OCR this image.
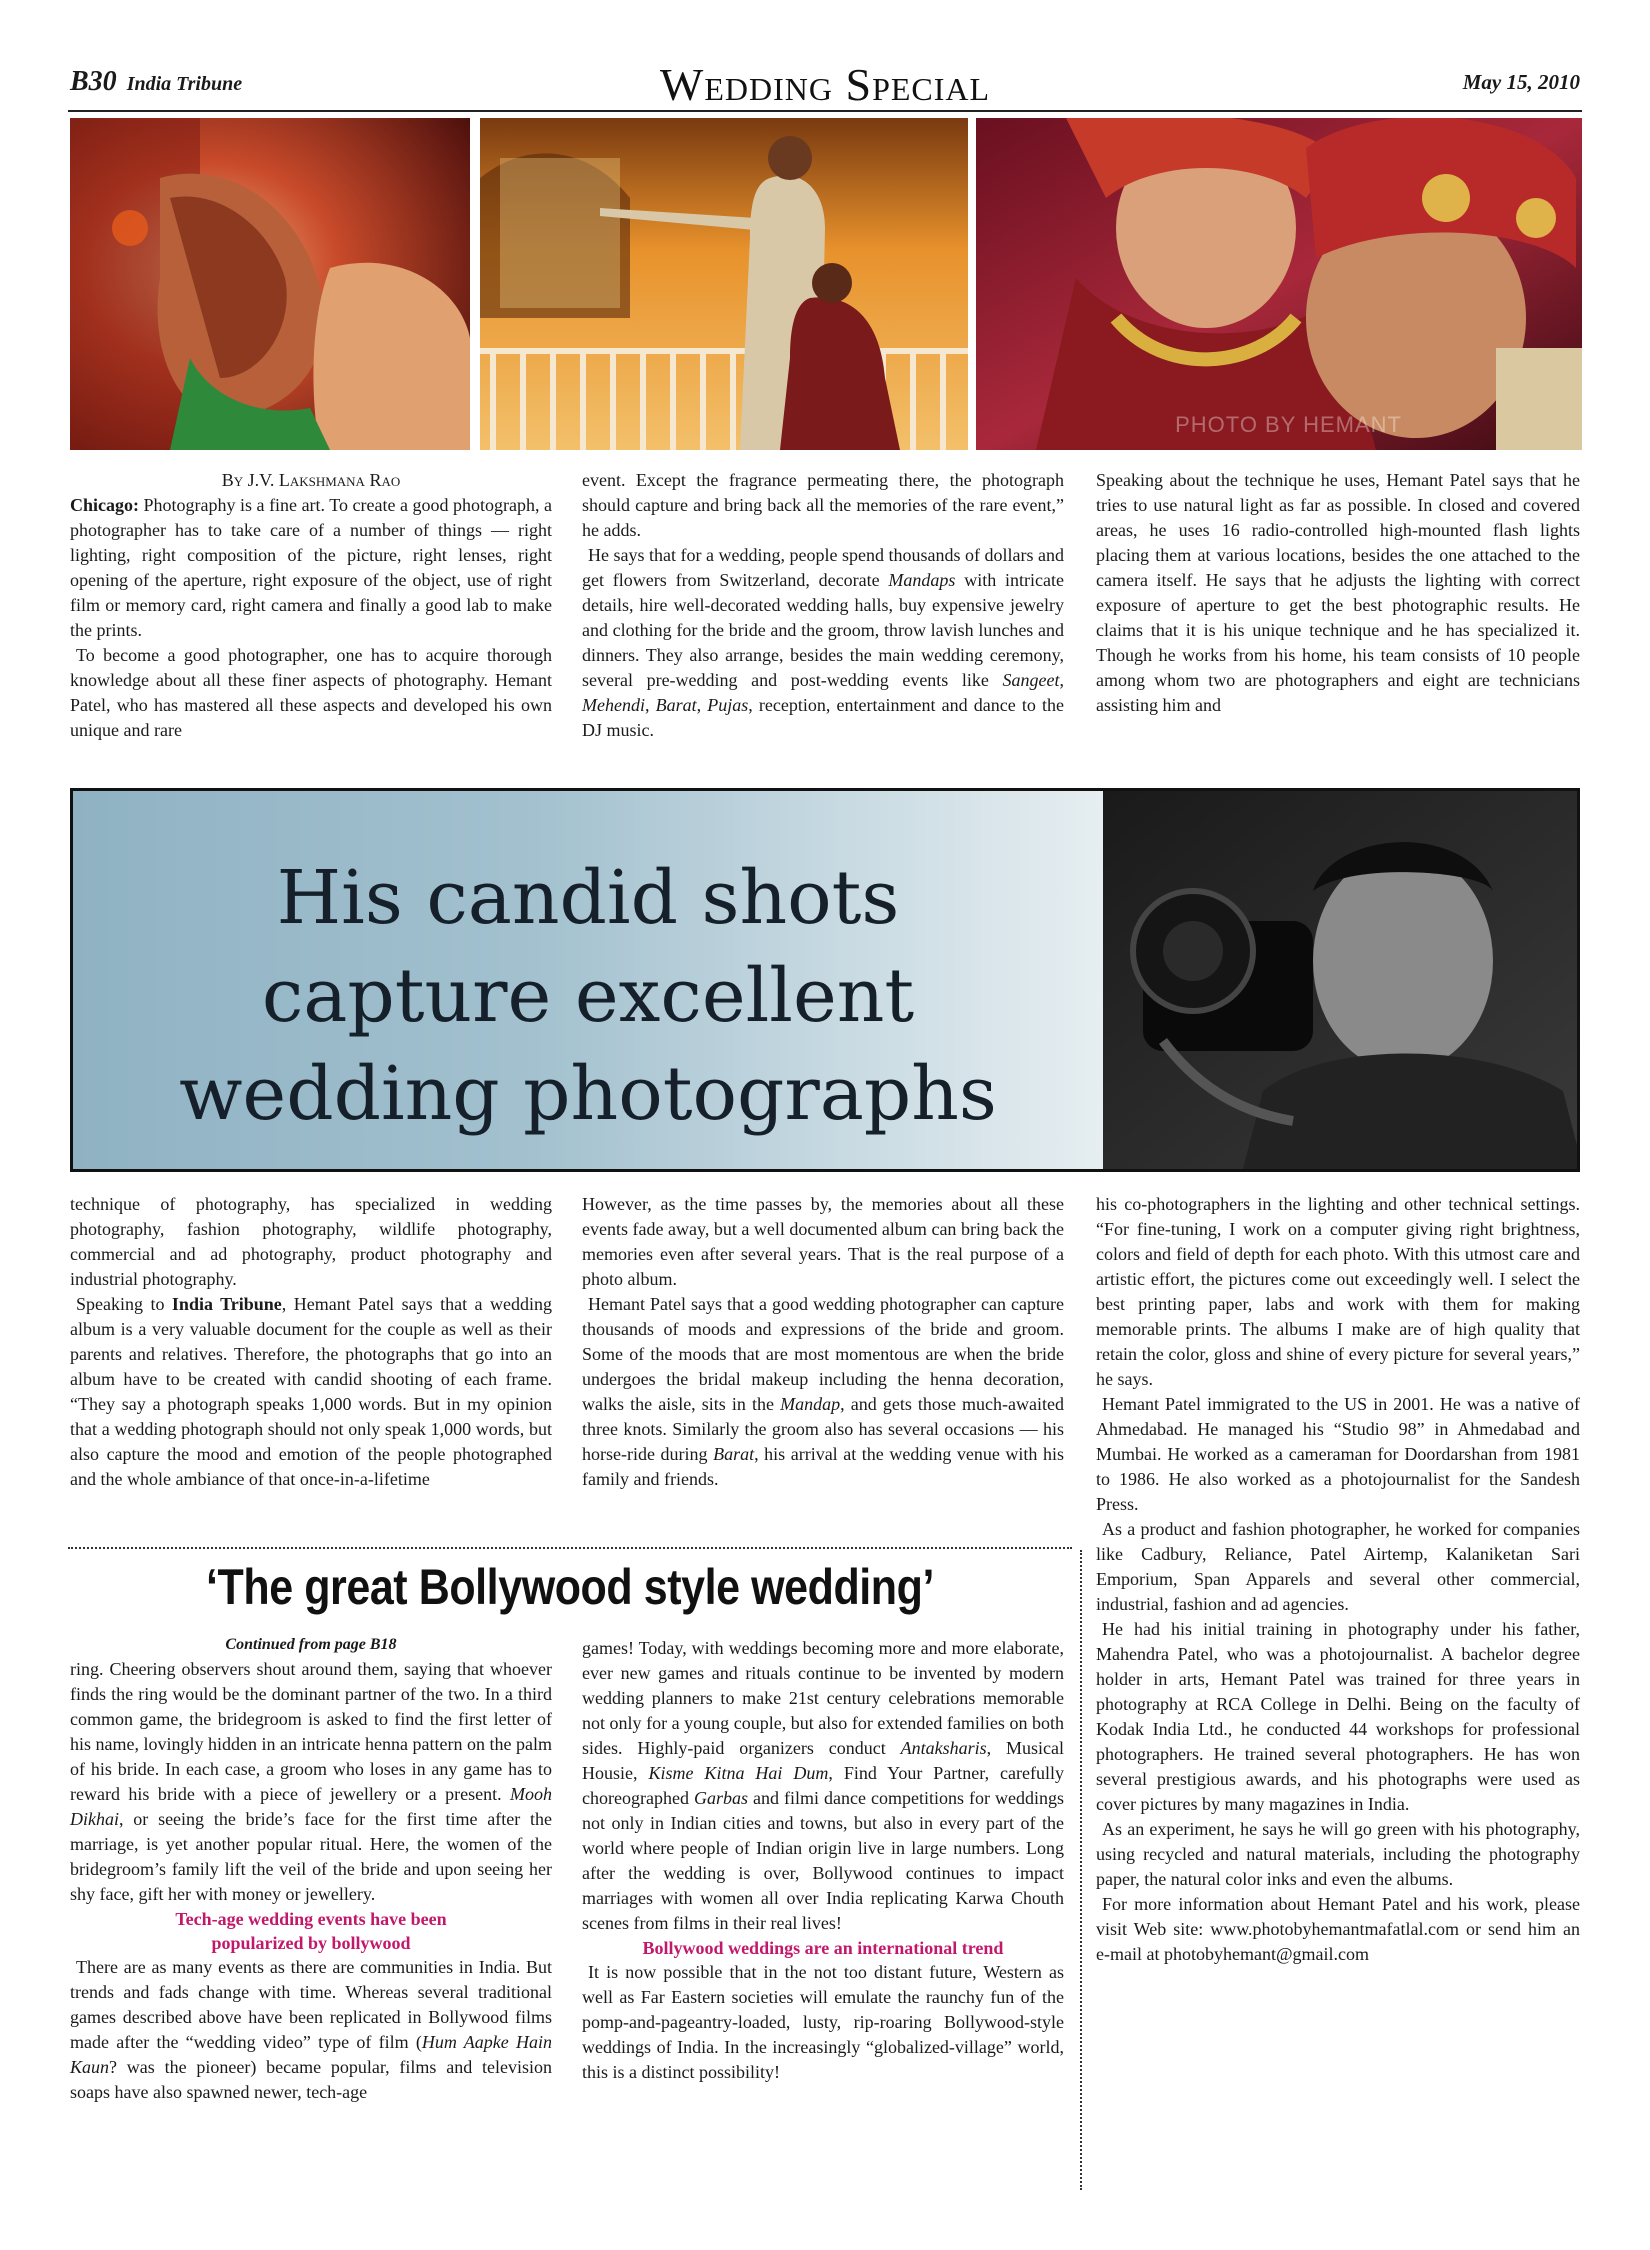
B30 India Tribune	Wedding Special	May 15, 2010
PHOTO BY HEMANT
By J.V. Lakshmana Rao

Chicago: Photography is a fine art. To create a good photograph, a photographer has to take care of a number of things — right lighting, right composition of the picture, right lenses, right opening of the aperture, right exposure of the object, use of right film or memory card, right camera and finally a good lab to make the prints.

To become a good photographer, one has to acquire thorough knowledge about all these finer aspects of photography. Hemant Patel, who has mastered all these aspects and developed his own unique and rare

event. Except the fragrance permeating there, the photograph should capture and bring back all the memories of the rare event,” he adds.

He says that for a wedding, people spend thousands of dollars and get flowers from Switzerland, decorate Mandaps with intricate details, hire well-decorated wedding halls, buy expensive jewelry and clothing for the bride and the groom, throw lavish lunches and dinners. They also arrange, besides the main wedding ceremony, several pre-wedding and post-wedding events like Sangeet, Mehendi, Barat, Pujas, reception, entertainment and dance to the DJ music.

Speaking about the technique he uses, Hemant Patel says that he tries to use natural light as far as possible. In closed and covered areas, he uses 16 radio-controlled high-mounted flash lights placing them at various locations, besides the one attached to the camera itself. He says that he adjusts the lighting with correct exposure of aperture to get the best photographic results. He claims that it is his unique technique and he has specialized it. Though he works from his home, his team consists of 10 people among whom two are photographers and eight are technicians assisting him and

His candid shots
capture excellent
wedding photographs

technique of photography, has specialized in wedding photography, fashion photography, wildlife photography, commercial and ad photography, product photography and industrial photography.

Speaking to India Tribune, Hemant Patel says that a wedding album is a very valuable document for the couple as well as their parents and relatives. Therefore, the photographs that go into an album have to be created with candid shooting of each frame. “They say a photograph speaks 1,000 words. But in my opinion that a wedding photograph should not only speak 1,000 words, but also capture the mood and emotion of the people photographed and the whole ambiance of that once-in-a-lifetime

However, as the time passes by, the memories about all these events fade away, but a well documented album can bring back the memories even after several years. That is the real purpose of a photo album.

Hemant Patel says that a good wedding photographer can capture thousands of moods and expressions of the bride and groom. Some of the moods that are most momentous are when the bride undergoes the bridal makeup including the henna decoration, walks the aisle, sits in the Mandap, and gets those much-awaited three knots. Similarly the groom also has several occasions — his horse-ride during Barat, his arrival at the wedding venue with his family and friends.

his co-photographers in the lighting and other technical settings. “For fine-tuning, I work on a computer giving right brightness, colors and field of depth for each photo. With this utmost care and artistic effort, the pictures come out exceedingly well. I select the best printing paper, labs and work with them for making memorable prints. The albums I make are of high quality that retain the color, gloss and shine of every picture for several years,” he says.

Hemant Patel immigrated to the US in 2001. He was a native of Ahmedabad. He managed his “Studio 98” in Ahmedabad and Mumbai. He worked as a cameraman for Doordarshan from 1981 to 1986. He also worked as a photojournalist for the Sandesh Press.

As a product and fashion photographer, he worked for companies like Cadbury, Reliance, Patel Airtemp, Kalaniketan Sari Emporium, Span Apparels and several other commercial, industrial, fashion and ad agencies.

He had his initial training in photography under his father, Mahendra Patel, who was a photojournalist. A bachelor degree holder in arts, Hemant Patel was trained for three years in photography at RCA College in Delhi. Being on the faculty of Kodak India Ltd., he conducted 44 workshops for professional photographers. He trained several photographers. He has won several prestigious awards, and his photographs were used as cover pictures by many magazines in India.

As an experiment, he says he will go green with his photography, using recycled and natural materials, including the photography paper, the natural color inks and even the albums.

For more information about Hemant Patel and his work, please visit Web site: www.photobyhemantmafatlal.com or send him an e-mail at photobyhemant@gmail.com

‘The great Bollywood style wedding’
Continued from page B18

ring. Cheering observers shout around them, saying that whoever finds the ring would be the dominant partner of the two. In a third common game, the bridegroom is asked to find the first letter of his name, lovingly hidden in an intricate henna pattern on the palm of his bride. In each case, a groom who loses in any game has to reward his bride with a piece of jewellery or a present. Mooh Dikhai, or seeing the bride’s face for the first time after the marriage, is yet another popular ritual. Here, the women of the bridegroom’s family lift the veil of the bride and upon seeing her shy face, gift her with money or jewellery.

Tech-age wedding events have been
popularized by bollywood

There are as many events as there are communities in India. But trends and fads change with time. Whereas several traditional games described above have been replicated in Bollywood films made after the “wedding video” type of film (Hum Aapke Hain Kaun? was the pioneer) became popular, films and television soaps have also spawned newer, tech-age

games! Today, with weddings becoming more and more elaborate, ever new games and rituals continue to be invented by modern wedding planners to make 21st century celebrations memorable not only for a young couple, but also for extended families on both sides. Highly-paid organizers conduct Antaksharis, Musical Housie, Kisme Kitna Hai Dum, Find Your Partner, carefully choreographed Garbas and filmi dance competitions for weddings not only in Indian cities and towns, but also in every part of the world where people of Indian origin live in large numbers. Long after the wedding is over, Bollywood continues to impact marriages with women all over India replicating Karwa Chouth scenes from films in their real lives!

Bollywood weddings are an international trend

It is now possible that in the not too distant future, Western as well as Far Eastern societies will emulate the raunchy fun of the pomp-and-pageantry-loaded, lusty, rip-roaring Bollywood-style weddings of India. In the increasingly “globalized-village” world, this is a distinct possibility!
